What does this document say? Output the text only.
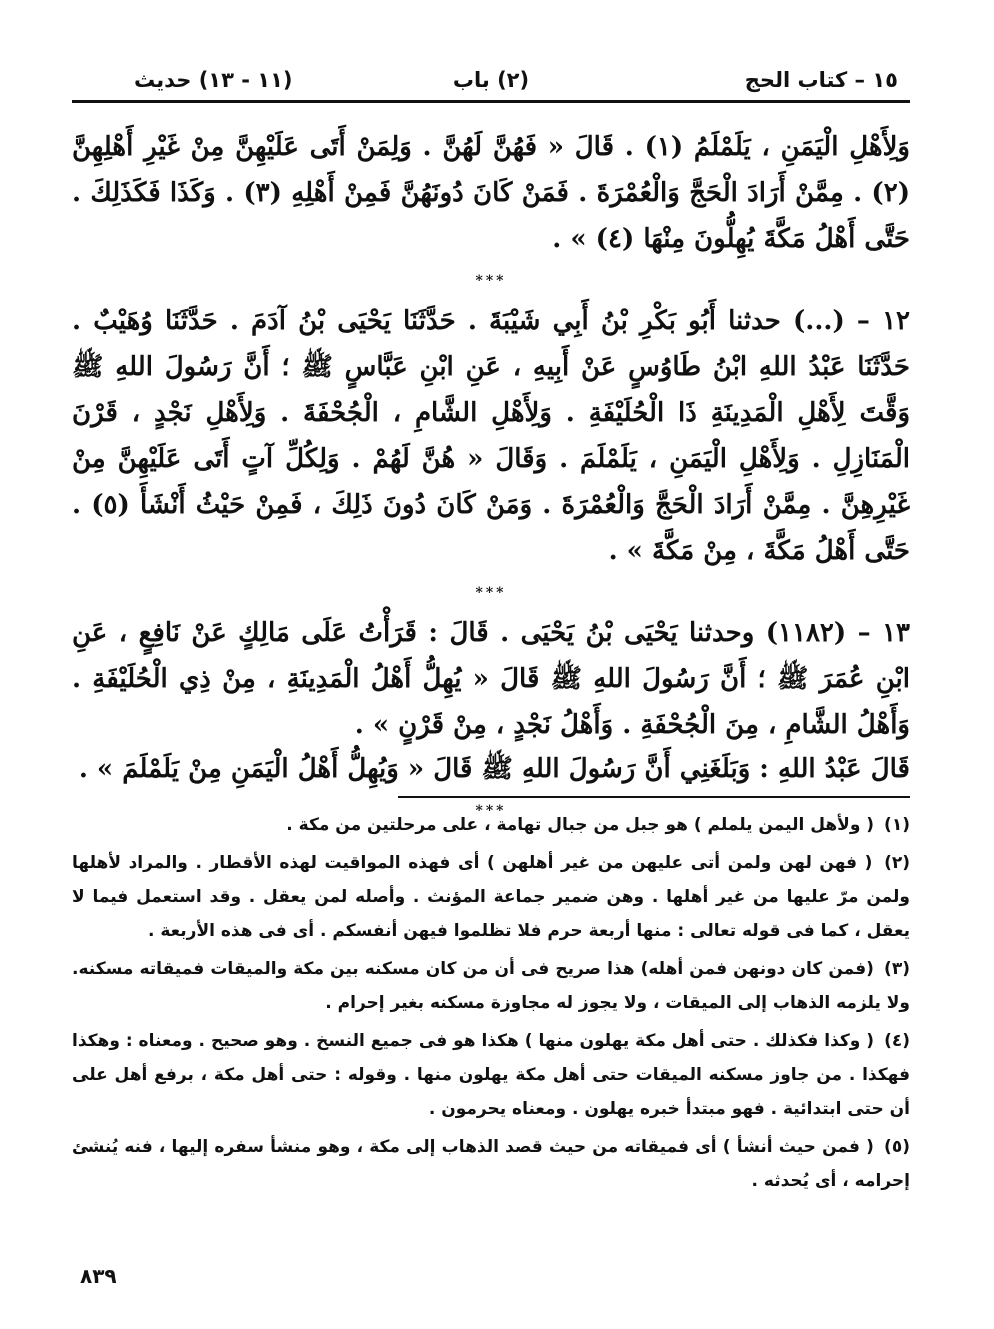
١٥ – كتاب الحج
(٢) باب
(١١ - ١٣) حديث

وَلِأَهْلِ الْيَمَنِ ، يَلَمْلَمُ (١) . قَالَ « فَهُنَّ لَهُنَّ . وَلِمَنْ أَتَى عَلَيْهِنَّ مِنْ غَيْرِ أَهْلِهِنَّ (٢) . مِمَّنْ أَرَادَ الْحَجَّ وَالْعُمْرَةَ . فَمَنْ كَانَ دُونَهُنَّ فَمِنْ أَهْلِهِ (٣) . وَكَذَا فَكَذَلِكَ . حَتَّى أَهْلُ مَكَّةَ يُهِلُّونَ مِنْهَا (٤) » .

***

١٢ – (...) حدثنا أَبُو بَكْرِ بْنُ أَبِي شَيْبَةَ . حَدَّثَنَا يَحْيَى بْنُ آدَمَ . حَدَّثَنَا وُهَيْبٌ . حَدَّثَنَا عَبْدُ اللهِ ابْنُ طَاوُسٍ عَنْ أَبِيهِ ، عَنِ ابْنِ عَبَّاسٍ ﷺ ؛ أَنَّ رَسُولَ اللهِ ﷺ وَقَّتَ لِأَهْلِ الْمَدِينَةِ ذَا الْحُلَيْفَةِ . وَلِأَهْلِ الشَّامِ ، الْجُحْفَةَ . وَلِأَهْلِ نَجْدٍ ، قَرْنَ الْمَنَازِلِ . وَلِأَهْلِ الْيَمَنِ ، يَلَمْلَمَ . وَقَالَ « هُنَّ لَهُمْ . وَلِكُلِّ آتٍ أَتَى عَلَيْهِنَّ مِنْ غَيْرِهِنَّ . مِمَّنْ أَرَادَ الْحَجَّ وَالْعُمْرَةَ . وَمَنْ كَانَ دُونَ ذَلِكَ ، فَمِنْ حَيْثُ أَنْشَأَ (٥) . حَتَّى أَهْلُ مَكَّةَ ، مِنْ مَكَّةَ » .

***

١٣ – (١١٨٢) وحدثنا يَحْيَى بْنُ يَحْيَى . قَالَ : قَرَأْتُ عَلَى مَالِكٍ عَنْ نَافِعٍ ، عَنِ ابْنِ عُمَرَ ﷺ ؛ أَنَّ رَسُولَ اللهِ ﷺ قَالَ « يُهِلُّ أَهْلُ الْمَدِينَةِ ، مِنْ ذِي الْحُلَيْفَةِ . وَأَهْلُ الشَّامِ ، مِنَ الْجُحْفَةِ . وَأَهْلُ نَجْدٍ ، مِنْ قَرْنٍ » .

قَالَ عَبْدُ اللهِ : وَبَلَغَنِي أَنَّ رَسُولَ اللهِ ﷺ قَالَ « وَيُهِلُّ أَهْلُ الْيَمَنِ مِنْ يَلَمْلَمَ » .

***

(١) ( ولأهل اليمن يلملم ) هو جبل من جبال تهامة ، على مرحلتين من مكة .

(٢) ( فهن لهن ولمن أتى عليهن من غير أهلهن ) أى فهذه المواقيت لهذه الأقطار . والمراد لأهلها ولمن مرّ عليها من غير أهلها . وهن ضمير جماعة المؤنث . وأصله لمن يعقل . وقد استعمل فيما لا يعقل ، كما فى قوله تعالى : منها أربعة حرم فلا تظلموا فيهن أنفسكم . أى فى هذه الأربعة .

(٣) (فمن كان دونهن فمن أهله) هذا صريح فى أن من كان مسكنه بين مكة والميقات فميقاته مسكنه. ولا يلزمه الذهاب إلى الميقات ، ولا يجوز له مجاوزة مسكنه بغير إحرام .

(٤) ( وكذا فكذلك . حتى أهل مكة يهلون منها ) هكذا هو فى جميع النسخ . وهو صحيح . ومعناه : وهكذا فهكذا . من جاوز مسكنه الميقات حتى أهل مكة يهلون منها . وقوله : حتى أهل مكة ، برفع أهل على أن حتى ابتدائية . فهو مبتدأ خبره يهلون . ومعناه يحرمون .

(٥) ( فمن حيث أنشأ ) أى فميقاته من حيث قصد الذهاب إلى مكة ، وهو منشأ سفره إليها ، فنه يُنشئ إحرامه ، أى يُحدثه .

٨٣٩
